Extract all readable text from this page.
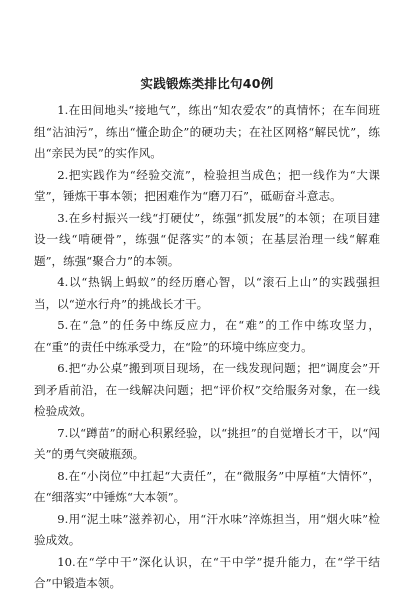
实践锻炼类排比句40例

1.在田间地头“接地气”，练出“知农爱农”的真情怀；在车间班组“沾油污”，练出“懂企助企”的硬功夫；在社区网格“解民忧”，练出“亲民为民”的实作风。

2.把实践作为“经验交流”，检验担当成色；把一线作为“大课堂”，锤炼干事本领；把困难作为“磨刀石”，砥砺奋斗意志。

3.在乡村振兴一线“打硬仗”，练强“抓发展”的本领；在项目建设一线“啃硬骨”，练强“促落实”的本领；在基层治理一线“解难题”，练强“聚合力”的本领。

4.以“热锅上蚂蚁”的经历磨心智，以“滚石上山”的实践强担当，以“逆水行舟”的挑战长才干。

5.在“急”的任务中练反应力，在“难”的工作中练攻坚力，在“重”的责任中练承受力，在“险”的环境中练应变力。

6.把“办公桌”搬到项目现场，在一线发现问题；把“调度会”开到矛盾前沿，在一线解决问题；把“评价权”交给服务对象，在一线检验成效。

7.以“蹲苗”的耐心积累经验，以“挑担”的自觉增长才干，以“闯关”的勇气突破瓶颈。

8.在“小岗位”中扛起“大责任”，在“微服务”中厚植“大情怀”，在“细落实”中锤炼“大本领”。

9.用“泥土味”滋养初心，用“汗水味”淬炼担当，用“烟火味”检验成效。

10.在“学中干”深化认识，在“干中学”提升能力，在“学干结合”中锻造本领。
